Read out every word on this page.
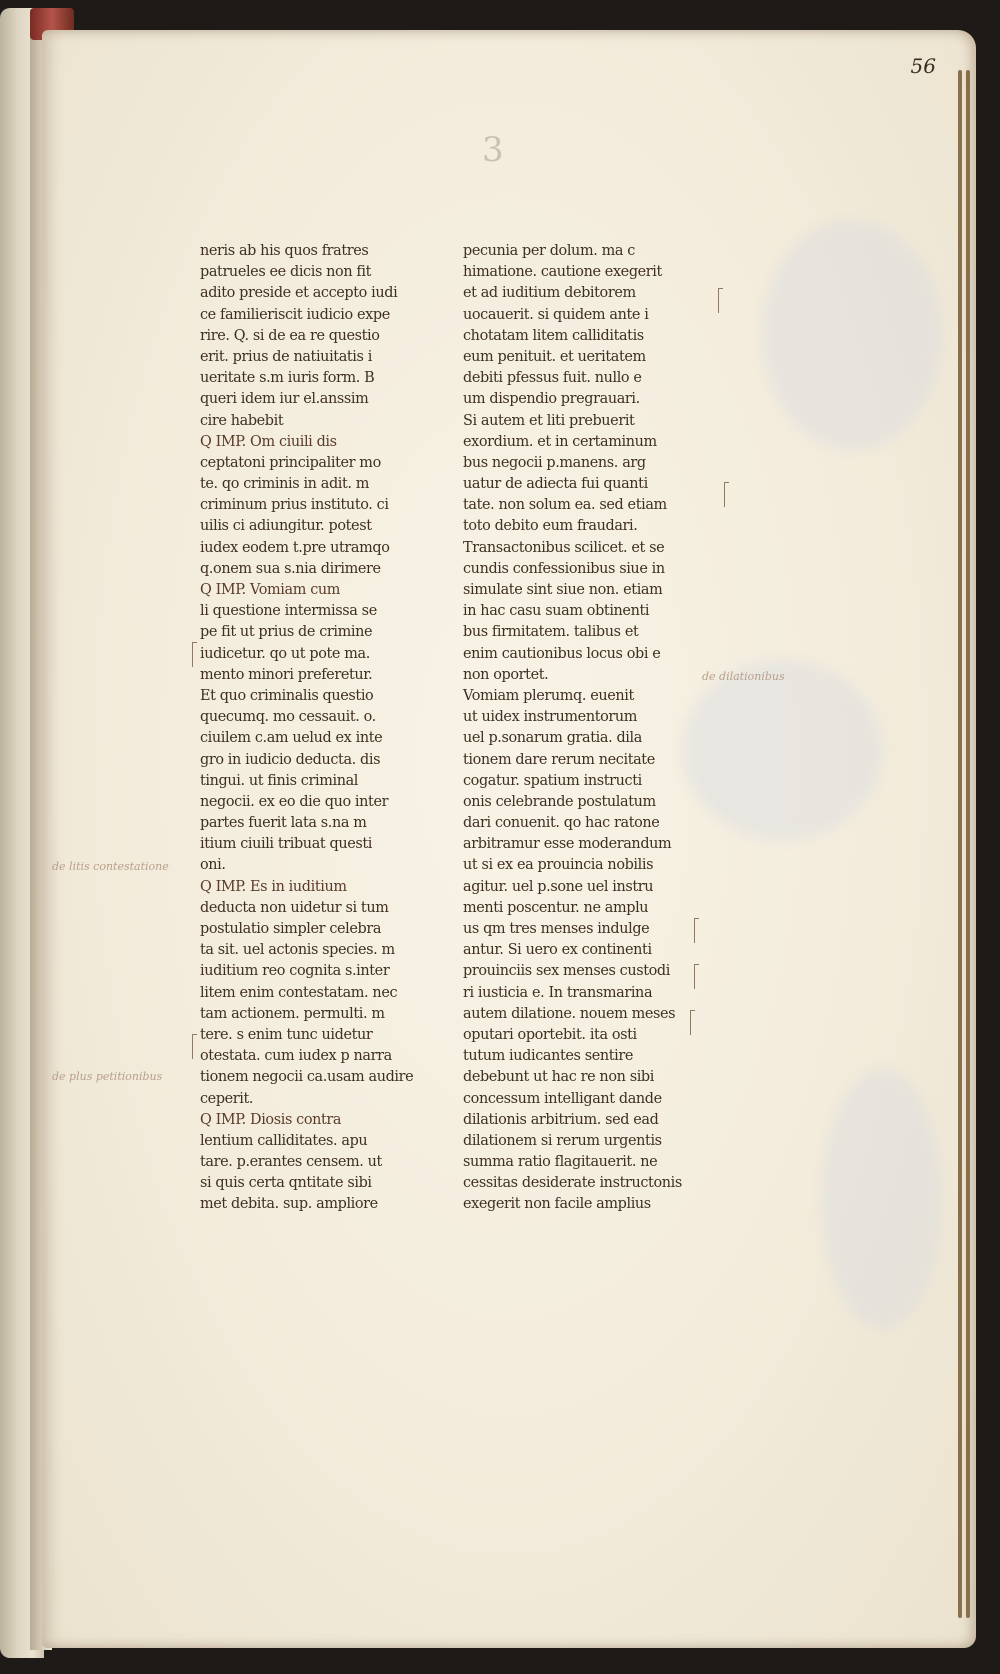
56
3
neris ab his quos fratres
patrueles ee dicis non fit
adito preside et accepto iudi
ce familieriscit iudicio expe
rire. Q. si de ea re questio
erit. prius de natiuitatis i
ueritate s.m iuris form. B
queri idem iur el.anssim
cire habebit
Q IMP. Om ciuili dis
ceptatoni principaliter mo
te. qo criminis in adit. m
criminum prius instituto. ci
uilis ci adiungitur. potest
iudex eodem t.pre utramqo
q.onem sua s.nia dirimere
Q IMP. Vomiam cum
li questione intermissa se
pe fit ut prius de crimine
iudicetur. qo ut pote ma.
mento minori preferetur.
Et quo criminalis questio
quecumq. mo cessauit. o.
ciuilem c.am uelud ex inte
gro in iudicio deducta. dis
tingui. ut finis criminal
negocii. ex eo die quo inter
partes fuerit lata s.na m
itium ciuili tribuat questi
oni.
Q IMP. Es in iuditium
deducta non uidetur si tum
postulatio simpler celebra
ta sit. uel actonis species. m
iuditium reo cognita s.inter
litem enim contestatam. nec
tam actionem. permulti. m
tere. s enim tunc uidetur
otestata. cum iudex p narra
tionem negocii ca.usam audire
ceperit.
Q IMP. Diosis contra
lentium calliditates. apu
tare. p.erantes censem. ut
si quis certa qntitate sibi
met debita. sup. ampliore
pecunia per dolum. ma c
himatione. cautione exegerit
et ad iuditium debitorem
uocauerit. si quidem ante i
chotatam litem calliditatis
eum penituit. et ueritatem
debiti pfessus fuit. nullo e
um dispendio pregrauari.
Si autem et liti prebuerit
exordium. et in certaminum
bus negocii p.manens. arg
uatur de adiecta fui quanti
tate. non solum ea. sed etiam
toto debito eum fraudari.
Transactonibus scilicet. et se
cundis confessionibus siue in
simulate sint siue non. etiam
in hac casu suam obtinenti
bus firmitatem. talibus et
enim cautionibus locus obi e
non oportet.
Vomiam plerumq. euenit
ut uidex instrumentorum
uel p.sonarum gratia. dila
tionem dare rerum necitate
cogatur. spatium instructi
onis celebrande postulatum
dari conuenit. qo hac ratone
arbitramur esse moderandum
ut si ex ea prouincia nobilis
agitur. uel p.sone uel instru
menti poscentur. ne amplu
us qm tres menses indulge
antur. Si uero ex continenti
prouinciis sex menses custodi
ri iusticia e. In transmarina
autem dilatione. nouem meses
oputari oportebit. ita osti
tutum iudicantes sentire
debebunt ut hac re non sibi
concessum intelligant dande
dilationis arbitrium. sed ead
dilationem si rerum urgentis
summa ratio flagitauerit. ne
cessitas desiderate instructonis
exegerit non facile amplius
de dilationibus
de litis contestatione
de plus petitionibus
